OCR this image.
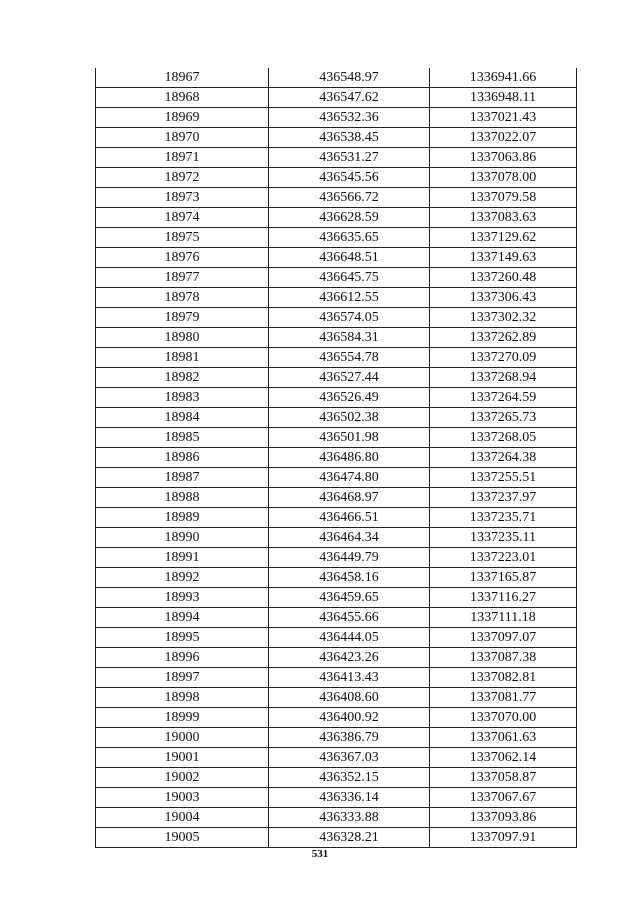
18967	436548.97	1336941.66
18968	436547.62	1336948.11
18969	436532.36	1337021.43
18970	436538.45	1337022.07
18971	436531.27	1337063.86
18972	436545.56	1337078.00
18973	436566.72	1337079.58
18974	436628.59	1337083.63
18975	436635.65	1337129.62
18976	436648.51	1337149.63
18977	436645.75	1337260.48
18978	436612.55	1337306.43
18979	436574.05	1337302.32
18980	436584.31	1337262.89
18981	436554.78	1337270.09
18982	436527.44	1337268.94
18983	436526.49	1337264.59
18984	436502.38	1337265.73
18985	436501.98	1337268.05
18986	436486.80	1337264.38
18987	436474.80	1337255.51
18988	436468.97	1337237.97
18989	436466.51	1337235.71
18990	436464.34	1337235.11
18991	436449.79	1337223.01
18992	436458.16	1337165.87
18993	436459.65	1337116.27
18994	436455.66	1337111.18
18995	436444.05	1337097.07
18996	436423.26	1337087.38
18997	436413.43	1337082.81
18998	436408.60	1337081.77
18999	436400.92	1337070.00
19000	436386.79	1337061.63
19001	436367.03	1337062.14
19002	436352.15	1337058.87
19003	436336.14	1337067.67
19004	436333.88	1337093.86
19005	436328.21	1337097.91
531
